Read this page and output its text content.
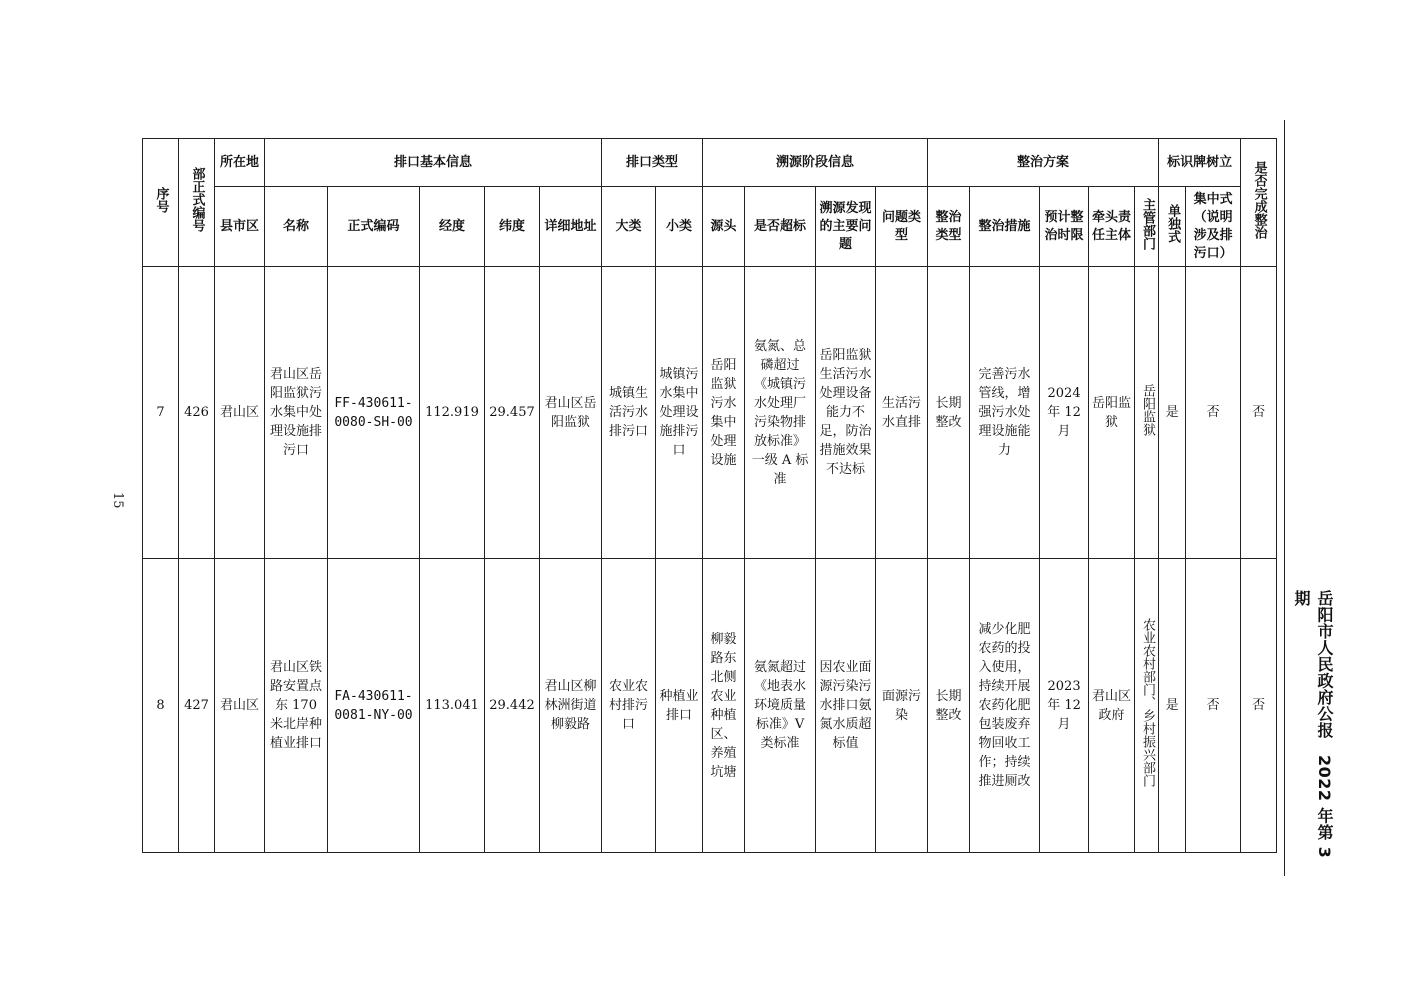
15
岳阳市人民政府公报　2022 年第 3 期
序号	部正式编号	所在地	排口基本信息					排口类型		溯源阶段信息				整治方案					标识牌树立		是否完成整治
		县市区	名称	正式编码	经度	纬度	详细地址	大类	小类	源头	是否超标	溯源发现的主要问题	问题类型	整治类型	整治措施	预计整治时限	牵头责任主体	主管部门	单独式	集中式（说明涉及排污口）	
7	426	君山区	君山区岳阳监狱污水集中处理设施排污口	FF-430611-0080-SH-00	112.919	29.457	君山区岳阳监狱	城镇生活污水排污口	城镇污水集中处理设施排污口	岳阳监狱污水集中处理设施	氨氮、总磷超过《城镇污水处理厂污染物排放标准》一级 A 标准	岳阳监狱生活污水处理设备能力不足，防治措施效果不达标	生活污水直排	长期整改	完善污水管线，增强污水处理设施能力	2024 年 12 月	岳阳监狱	岳阳监狱	是	否	否
8	427	君山区	君山区铁路安置点东 170 米北岸种植业排口	FA-430611-0081-NY-00	113.041	29.442	君山区柳林洲街道柳毅路	农业农村排污口	种植业排口	柳毅路东北侧农业种植区、养殖坑塘	氨氮超过《地表水环境质量标准》V 类标准	因农业面源污染污水排口氨氮水质超标值	面源污染	长期整改	减少化肥农药的投入使用，持续开展农药化肥包装废弃物回收工作；持续推进厕改	2023 年 12 月	君山区政府	农业农村部门、乡村振兴部门	是	否	否
